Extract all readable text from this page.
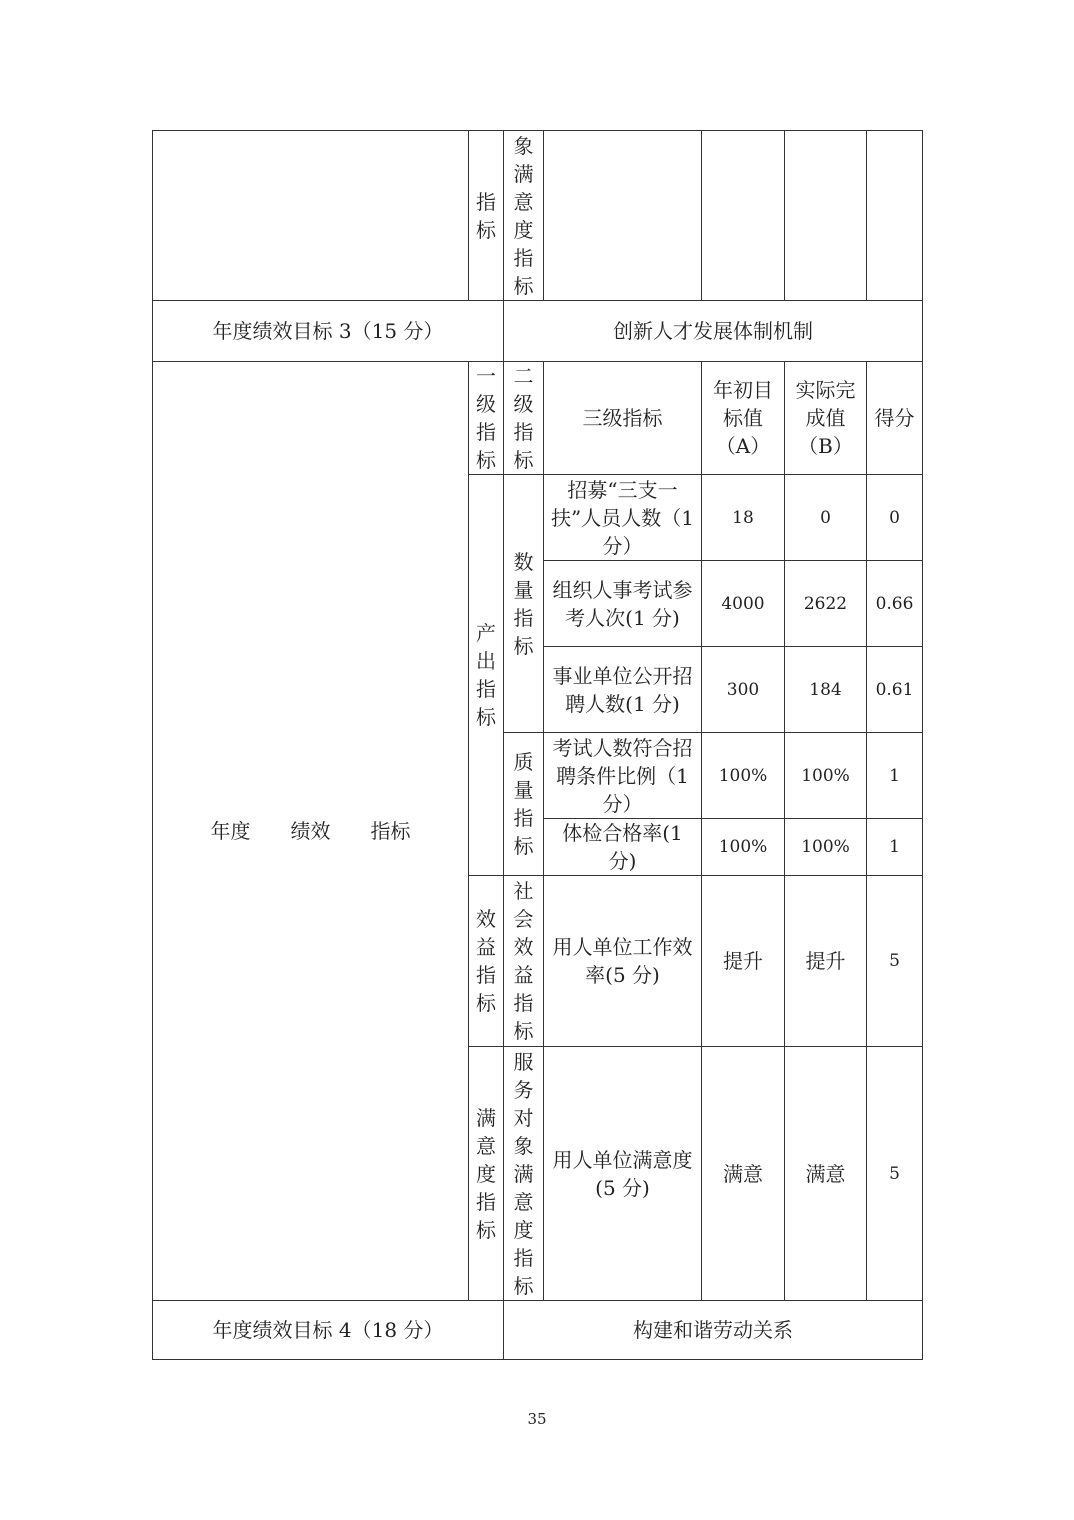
	指标	象满意度指标				
年度绩效目标 3（15 分）		创新人才发展体制机制				
年度　　绩效　　指标	一级指标	二级指标	三级指标	年初目标值（A）	实际完成值（B）	得分
	产出指标	数量指标	招募“三支一扶”人员人数（1 分）	18	0	0
			组织人事考试参考人次(1 分)	4000	2622	0.66
			事业单位公开招聘人数(1 分)	300	184	0.61
		质量指标	考试人数符合招聘条件比例（1 分）	100%	100%	1
			体检合格率(1 分)	100%	100%	1
	效益指标	社会效益指标	用人单位工作效率(5 分)	提升	提升	5
	满意度指标	服务对象满意度指标	用人单位满意度(5 分)	满意	满意	5
年度绩效目标 4（18 分）		构建和谐劳动关系				
35
